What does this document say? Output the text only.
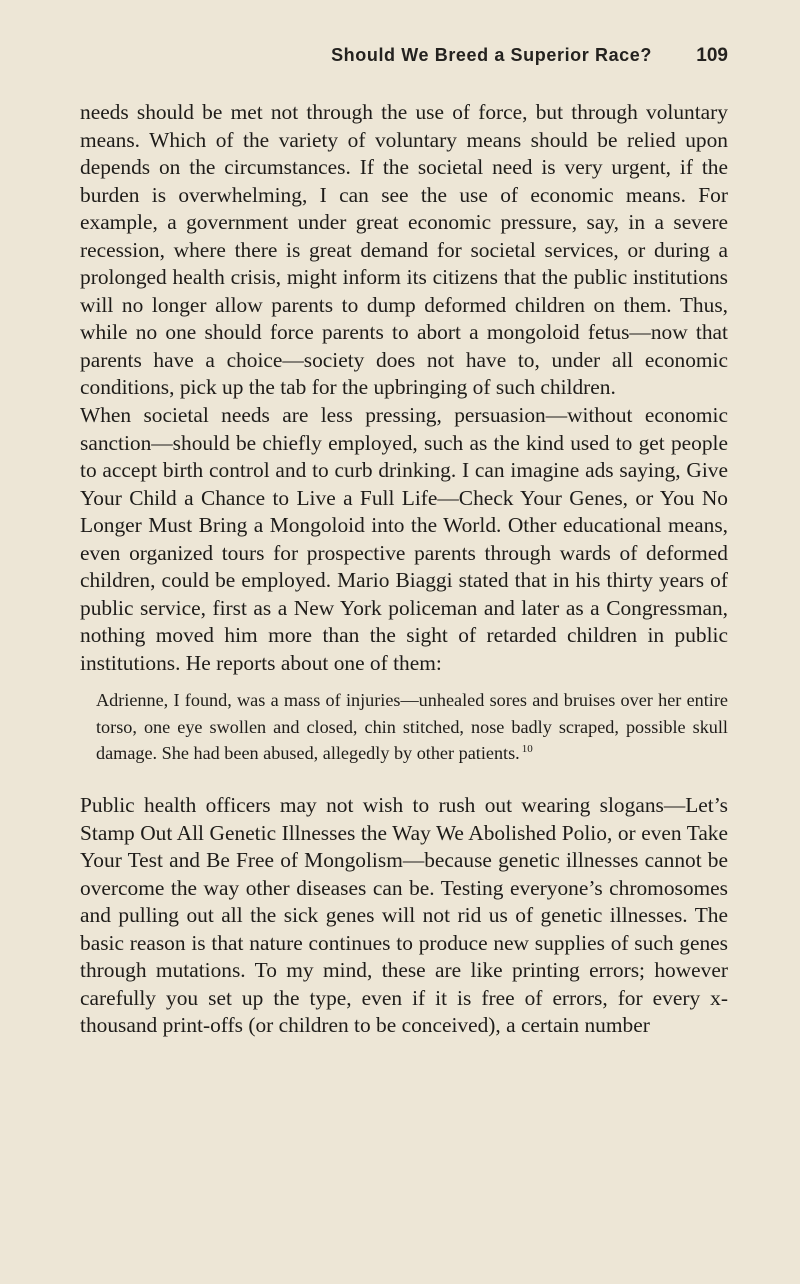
Should We Breed a Superior Race? 109

needs should be met not through the use of force, but through voluntary means. Which of the variety of voluntary means should be relied upon depends on the circumstances. If the societal need is very urgent, if the burden is overwhelming, I can see the use of economic means. For example, a government under great economic pressure, say, in a severe recession, where there is great demand for societal services, or during a prolonged health crisis, might inform its citizens that the public institutions will no longer allow parents to dump deformed children on them. Thus, while no one should force parents to abort a mongoloid fetus—now that parents have a choice—society does not have to, under all economic conditions, pick up the tab for the upbringing of such children.

When societal needs are less pressing, persuasion—without economic sanction—should be chiefly employed, such as the kind used to get people to accept birth control and to curb drinking. I can imagine ads saying, Give Your Child a Chance to Live a Full Life—Check Your Genes, or You No Longer Must Bring a Mongoloid into the World. Other educational means, even organized tours for prospective parents through wards of deformed children, could be employed. Mario Biaggi stated that in his thirty years of public service, first as a New York policeman and later as a Congressman, nothing moved him more than the sight of retarded children in public institutions. He reports about one of them:

Adrienne, I found, was a mass of injuries—unhealed sores and bruises over her entire torso, one eye swollen and closed, chin stitched, nose badly scraped, possible skull damage. She had been abused, allegedly by other patients. $^{10}$

Public health officers may not wish to rush out wearing slogans—Let’s Stamp Out All Genetic Illnesses the Way We Abolished Polio, or even Take Your Test and Be Free of Mongolism—because genetic illnesses cannot be overcome the way other diseases can be. Testing everyone’s chromosomes and pulling out all the sick genes will not rid us of genetic illnesses. The basic reason is that nature continues to produce new supplies of such genes through mutations. To my mind, these are like printing errors; however carefully you set up the type, even if it is free of errors, for every x-thousand print-offs (or children to be conceived), a certain number
